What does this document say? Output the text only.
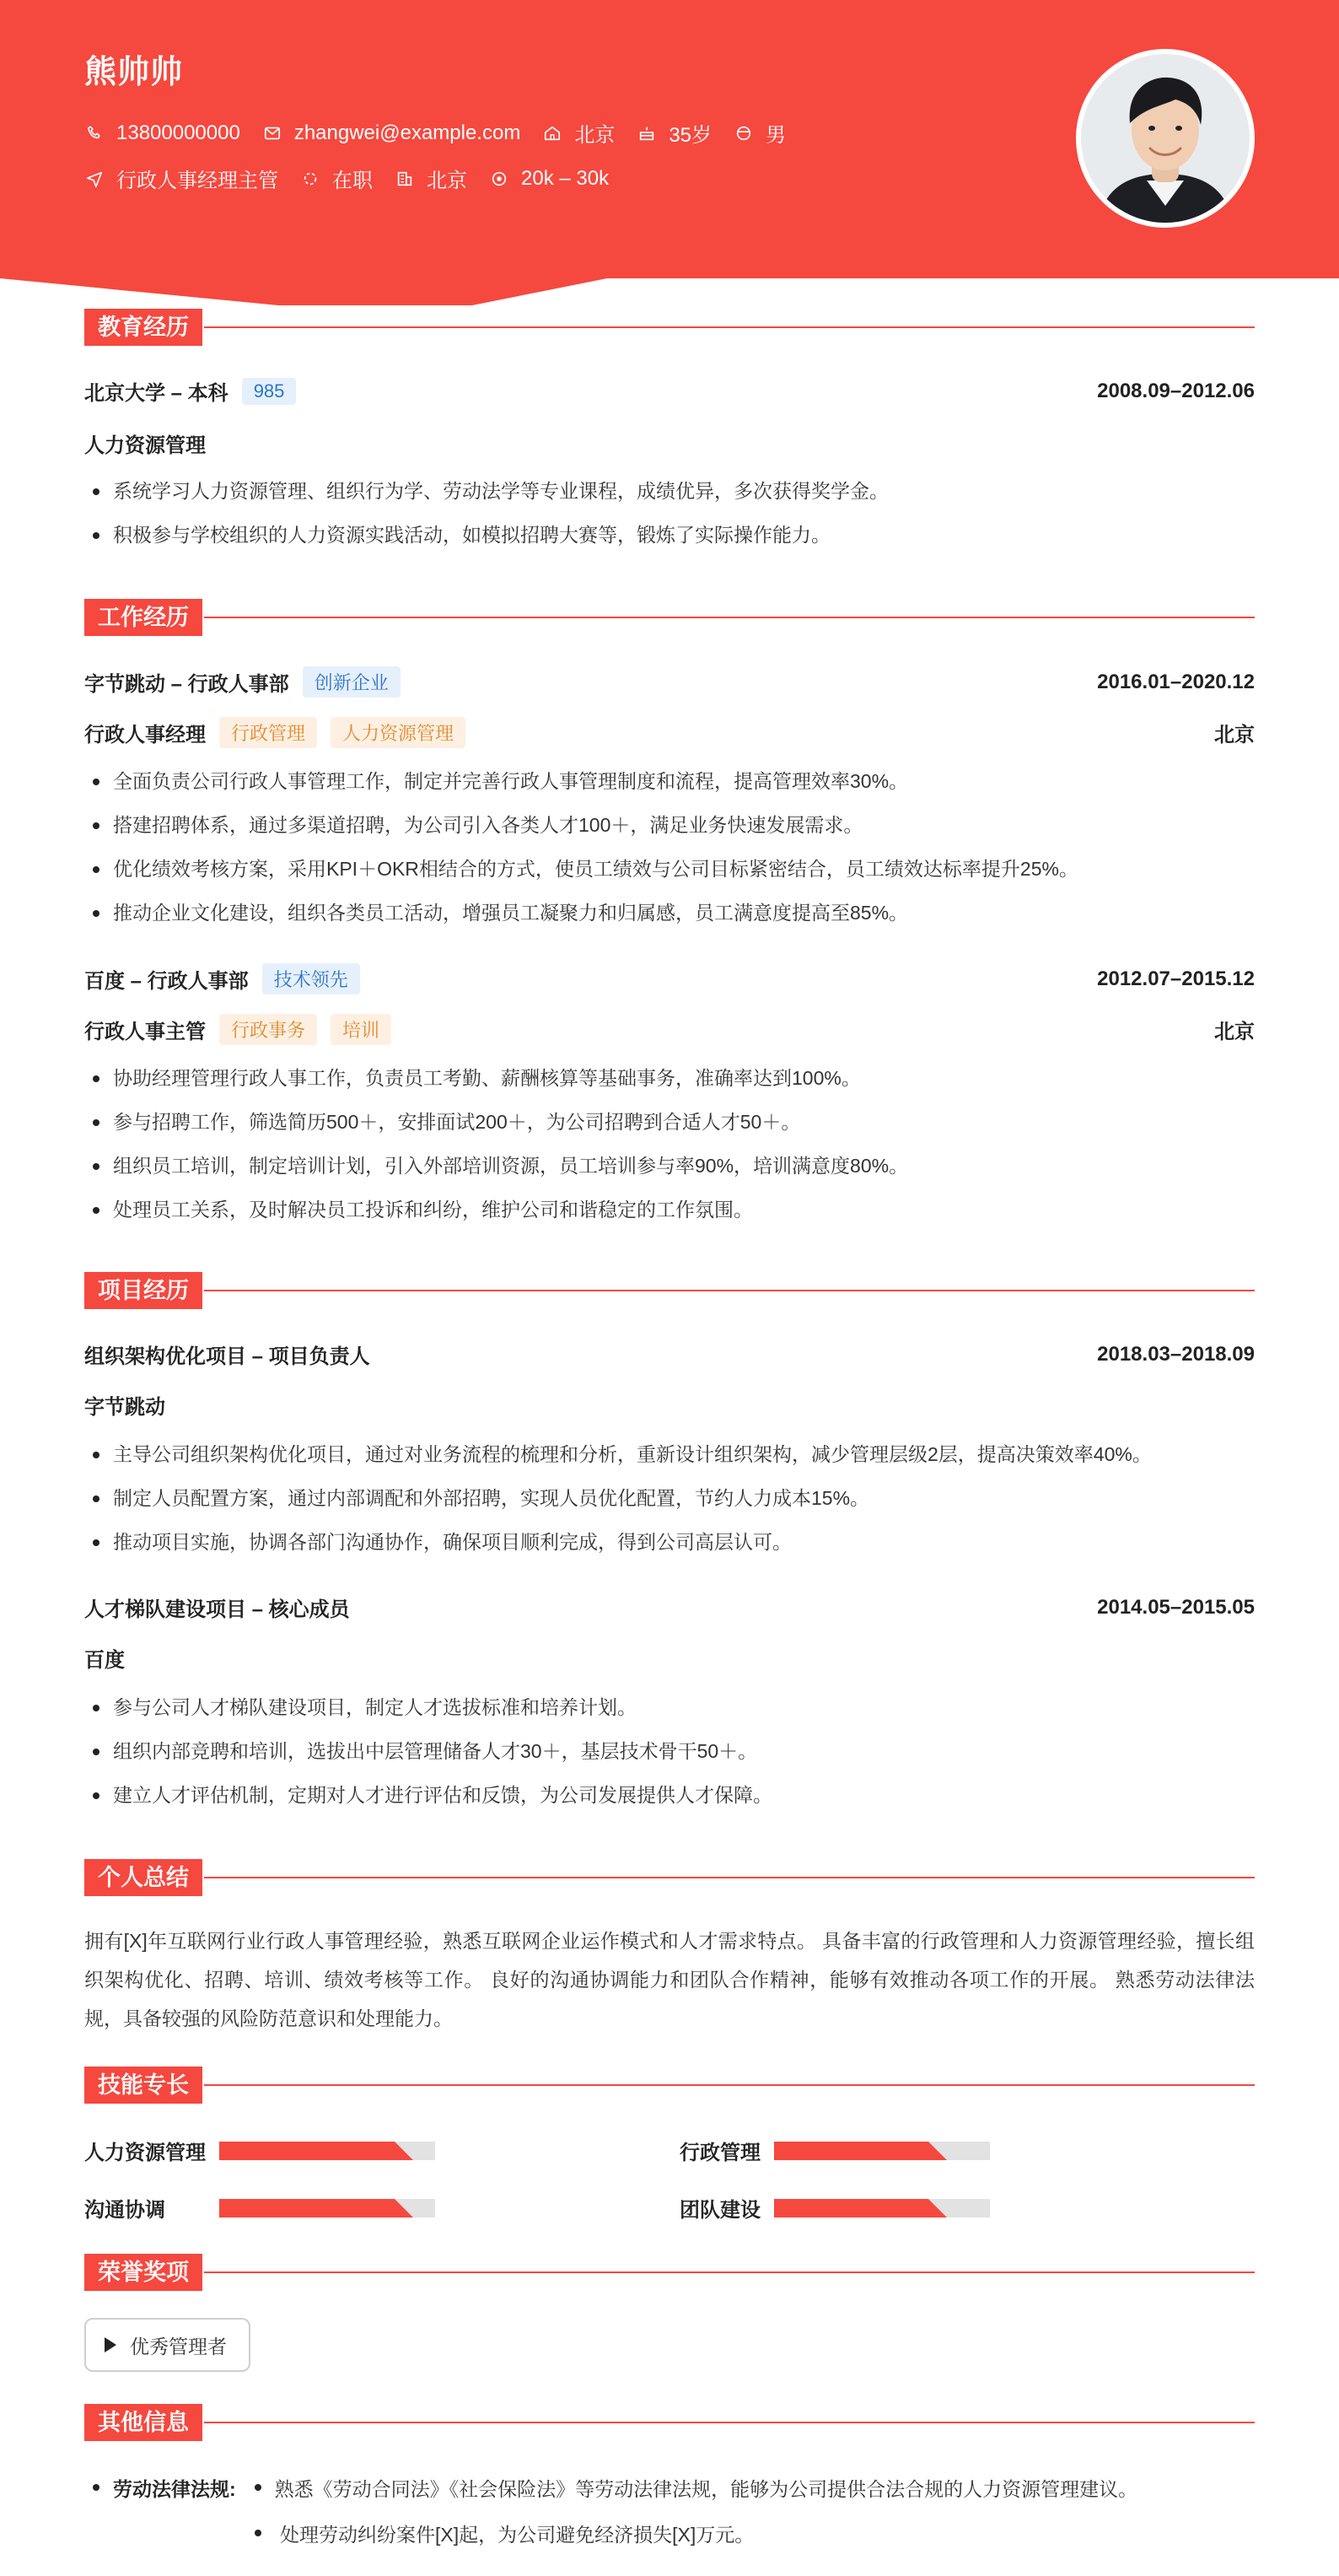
熊帅帅
13800000000	zhangwei@example.com	北京	35岁	男
行政人事经理主管	在职	北京	20k – 30k
教育经历
北京大学 – 本科	985	2008.09–2012.06
人力资源管理
系统学习人力资源管理、组织行为学、劳动法学等专业课程，成绩优异，多次获得奖学金。
积极参与学校组织的人力资源实践活动，如模拟招聘大赛等，锻炼了实际操作能力。
工作经历
字节跳动 – 行政人事部	创新企业	2016.01–2020.12
行政人事经理	行政管理	人力资源管理	北京
全面负责公司行政人事管理工作，制定并完善行政人事管理制度和流程，提高管理效率30%。
搭建招聘体系，通过多渠道招聘，为公司引入各类人才100＋，满足业务快速发展需求。
优化绩效考核方案，采用KPI＋OKR相结合的方式，使员工绩效与公司目标紧密结合，员工绩效达标率提升25%。
推动企业文化建设，组织各类员工活动，增强员工凝聚力和归属感，员工满意度提高至85%。
百度 – 行政人事部	技术领先	2012.07–2015.12
行政人事主管	行政事务	培训	北京
协助经理管理行政人事工作，负责员工考勤、薪酬核算等基础事务，准确率达到100%。
参与招聘工作，筛选简历500＋，安排面试200＋，为公司招聘到合适人才50＋。
组织员工培训，制定培训计划，引入外部培训资源，员工培训参与率90%，培训满意度80%。
处理员工关系，及时解决员工投诉和纠纷，维护公司和谐稳定的工作氛围。
项目经历
组织架构优化项目 – 项目负责人	2018.03–2018.09
字节跳动
主导公司组织架构优化项目，通过对业务流程的梳理和分析，重新设计组织架构，减少管理层级2层，提高决策效率40%。
制定人员配置方案，通过内部调配和外部招聘，实现人员优化配置，节约人力成本15%。
推动项目实施，协调各部门沟通协作，确保项目顺利完成，得到公司高层认可。
人才梯队建设项目 – 核心成员	2014.05–2015.05
百度
参与公司人才梯队建设项目，制定人才选拔标准和培养计划。
组织内部竞聘和培训，选拔出中层管理储备人才30＋，基层技术骨干50＋。
建立人才评估机制，定期对人才进行评估和反馈，为公司发展提供人才保障。
个人总结
拥有[X]年互联网行业行政人事管理经验，熟悉互联网企业运作模式和人才需求特点。 具备丰富的行政管理和人力资源管理经验，擅长组织架构优化、招聘、培训、绩效考核等工作。 良好的沟通协调能力和团队合作精神，能够有效推动各项工作的开展。 熟悉劳动法律法规，具备较强的风险防范意识和处理能力。
技能专长
人力资源管理	行政管理
沟通协调	团队建设
荣誉奖项
优秀管理者
其他信息
劳动法律法规: 熟悉《劳动合同法》《社会保险法》等劳动法律法规，能够为公司提供合法合规的人力资源管理建议。
处理劳动纠纷案件[X]起，为公司避免经济损失[X]万元。
